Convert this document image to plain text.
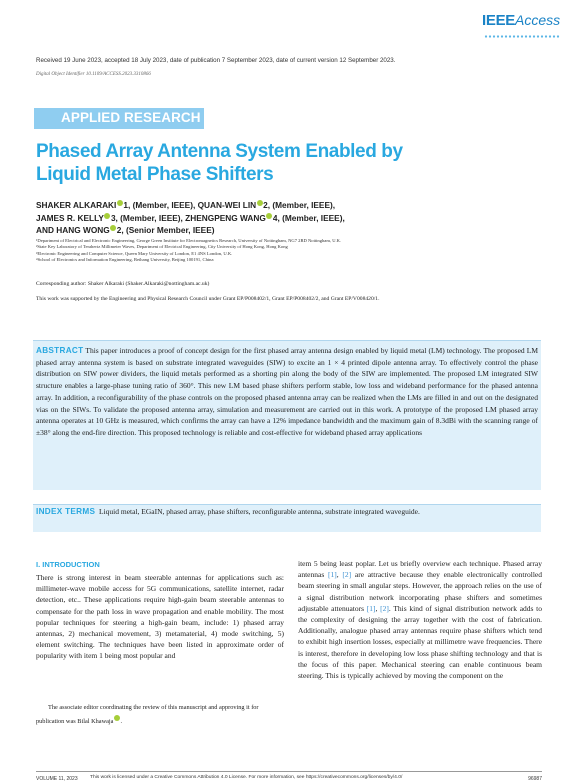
IEEEAccess
Received 19 June 2023, accepted 18 July 2023, date of publication 7 September 2023, date of current version 12 September 2023.
Digital Object Identifier 10.1109/ACCESS.2023.3310866
APPLIED RESEARCH
Phased Array Antenna System Enabled by Liquid Metal Phase Shifters
SHAKER ALKARAKI 1, (Member, IEEE), QUAN-WEI LIN 2, (Member, IEEE),
JAMES R. KELLY 3, (Member, IEEE), ZHENGPENG WANG 4, (Member, IEEE),
AND HANG WONG 2, (Senior Member, IEEE)
¹Department of Electrical and Electronic Engineering, George Green Institute for Electromagnetics Research, University of Nottingham, NG7 2RD Nottingham, U.K.
²State Key Laboratory of Terahertz Millimeter Waves, Department of Electrical Engineering, City University of Hong Kong, Hong Kong
³Electronic Engineering and Computer Science, Queen Mary University of London, E1 4NS London, U.K.
⁴School of Electronics and Information Engineering, Beihang University, Beijing 100191, China
Corresponding author: Shaker Alkaraki (Shaker.Alkaraki@nottingham.ac.uk)
This work was supported by the Engineering and Physical Research Council under Grant EP/P008402/1, Grant EP/P008402/2, and Grant EP/V008420/1.
ABSTRACT This paper introduces a proof of concept design for the first phased array antenna design enabled by liquid metal (LM) technology. The proposed LM phased array antenna system is based on substrate integrated waveguides (SIW) to excite an 1 × 4 printed dipole antenna array. To effectively control the phase distribution on SIW power dividers, the liquid metals performed as a shorting pin along the body of the SIW are implemented. The proposed LM integrated SIW structure enables a large-phase tuning ratio of 360°. This new LM based phase shifters perform stable, low loss and wideband performance for the phased antenna array. In addition, a reconfigurability of the phase controls on the proposed phased antenna array can be realized when the LMs are filled in and out on the designated vias on the SIWs. To validate the proposed antenna array, simulation and measurement are carried out in this work. A prototype of the proposed LM phased array antenna operates at 10 GHz is measured, which confirms the array can have a 12% impedance bandwidth and the maximum gain of 8.3dBi with the scanning range of ±38° along the end-fire direction. This proposed technology is reliable and cost-effective for wideband phased array applications
INDEX TERMS Liquid metal, EGaIN, phased array, phase shifters, reconfigurable antenna, substrate integrated waveguide.
I. INTRODUCTION
There is strong interest in beam steerable antennas for applications such as: millimeter-wave mobile access for 5G communications, satellite internet, radar detection, etc.. These applications require high-gain beam steerable antennas to compensate for the path loss in wave propagation and enable mobility. The most popular techniques for steering a high-gain beam, include: 1) phased array antennas, 2) mechanical movement, 3) metamaterial, 4) mode switching, 5) element switching. The techniques have been listed in approximate order of popularity with item 1 being most popular and
item 5 being least poplar. Let us briefly overview each technique. Phased array antennas [1], [2] are attractive because they enable electronically controlled beam steering in small angular steps. However, the approach relies on the use of a signal distribution network incorporating phase shifters and sometimes adjustable attenuators [1], [2]. This kind of signal distribution network adds to the complexity of designing the array together with the cost of fabrication. Additionally, analogue phased array antennas require phase shifters which tend to exhibit high insertion losses, especially at millimetre wave frequencies. There is interest, therefore in developing low loss phase shifting technology and that is the focus of this paper. Mechanical steering can enable continuous beam steering. This is typically achieved by moving the component on the
The associate editor coordinating the review of this manuscript and approving it for publication was Bilal Khawaja .
VOLUME 11, 2023	This work is licensed under a Creative Commons Attribution 4.0 License. For more information, see https://creativecommons.org/licenses/by/4.0/	96987
